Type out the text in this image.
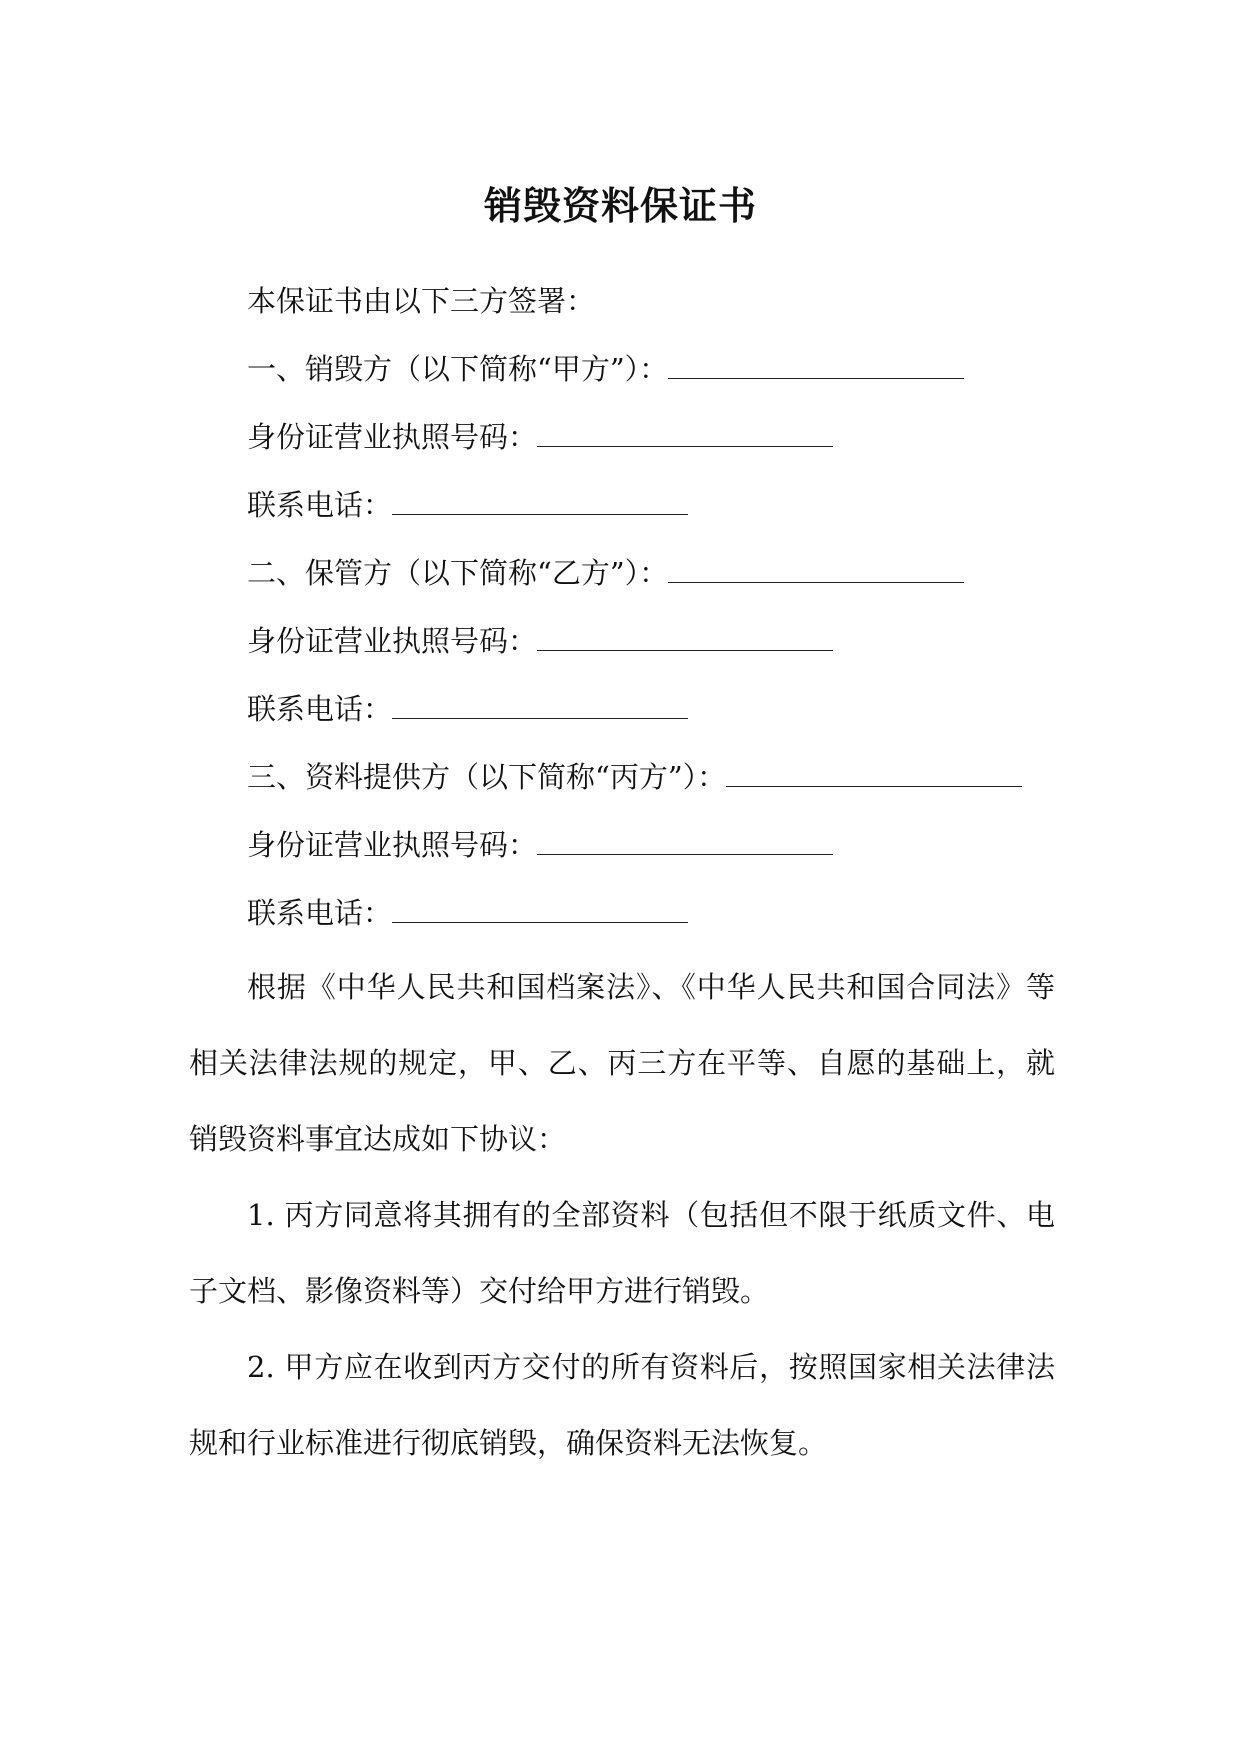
销毁资料保证书
本保证书由以下三方签署：
一、销毁方（以下简称“甲方”）：
身份证营业执照号码：
联系电话：
二、保管方（以下简称“乙方”）：
身份证营业执照号码：
联系电话：
三、资料提供方（以下简称“丙方”）：
身份证营业执照号码：
联系电话：
根据《中华人民共和国档案法》、《中华人民共和国合同法》等相关法律法规的规定，甲、乙、丙三方在平等、自愿的基础上，就销毁资料事宜达成如下协议：
1. 丙方同意将其拥有的全部资料（包括但不限于纸质文件、电子文档、影像资料等）交付给甲方进行销毁。
2. 甲方应在收到丙方交付的所有资料后，按照国家相关法律法规和行业标准进行彻底销毁，确保资料无法恢复。
